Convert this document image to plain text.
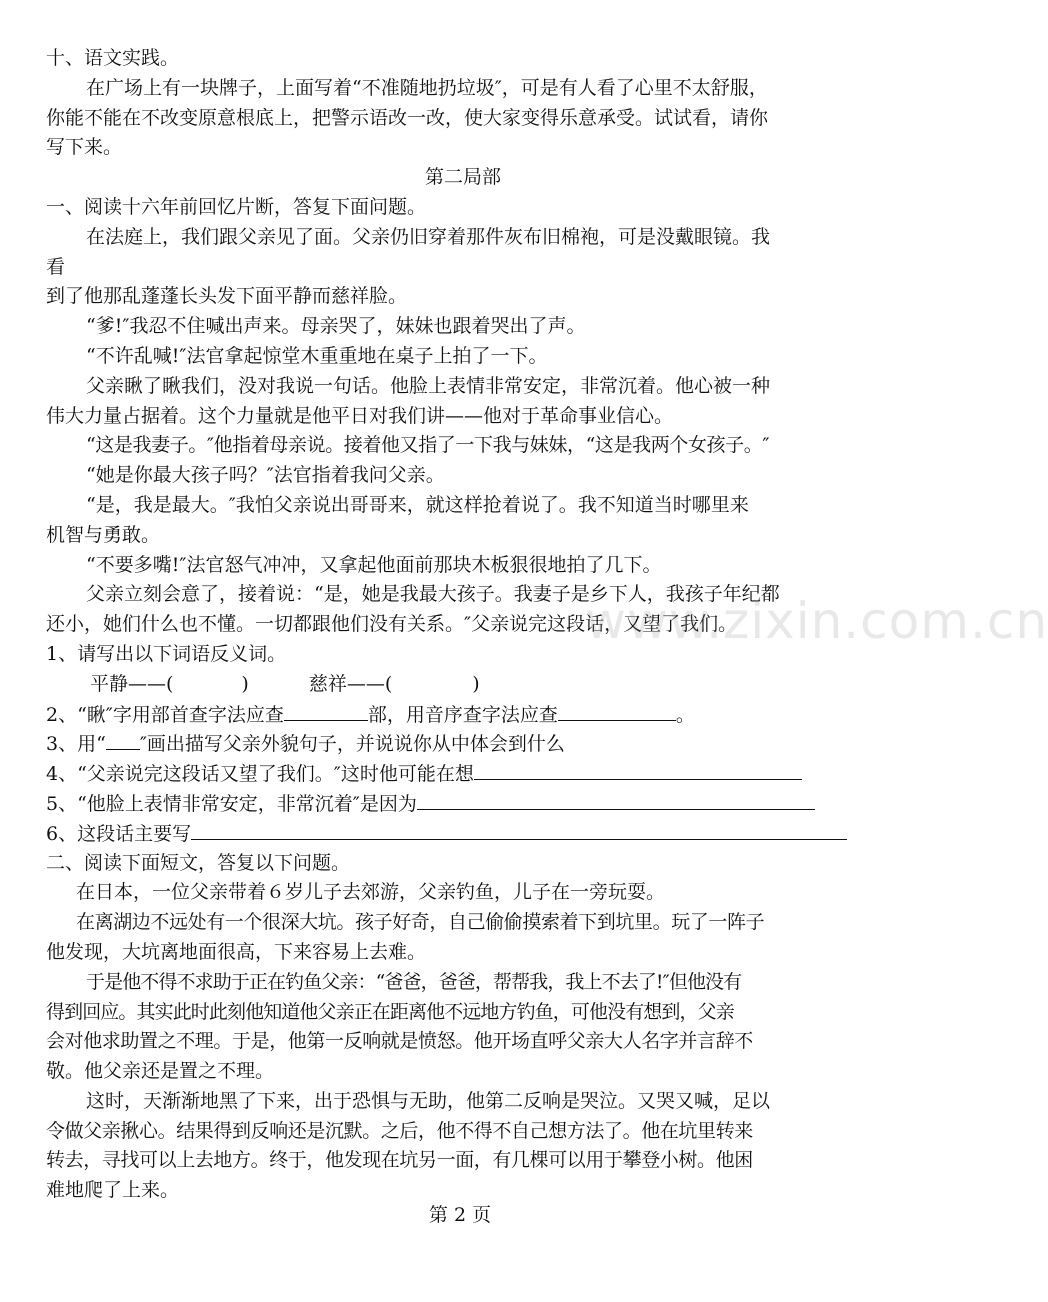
十、语文实践。
在广场上有一块牌子，上面写着“不准随地扔垃圾″，可是有人看了心里不太舒服，
你能不能在不改变原意根底上，把警示语改一改，使大家变得乐意承受。试试看，请你
写下来。
第二局部
一、阅读十六年前回忆片断，答复下面问题。
在法庭上，我们跟父亲见了面。父亲仍旧穿着那件灰布旧棉袍，可是没戴眼镜。我
看
到了他那乱蓬蓬长头发下面平静而慈祥脸。
“爹!″我忍不住喊出声来。母亲哭了，妹妹也跟着哭出了声。
“不许乱喊!″法官拿起惊堂木重重地在桌子上拍了一下。
父亲瞅了瞅我们，没对我说一句话。他脸上表情非常安定，非常沉着。他心被一种
伟大力量占据着。这个力量就是他平日对我们讲——他对于革命事业信心。
“这是我妻子。″他指着母亲说。接着他又指了一下我与妹妹，“这是我两个女孩子。″
“她是你最大孩子吗？″法官指着我问父亲。
“是，我是最大。″我怕父亲说出哥哥来，就这样抢着说了。我不知道当时哪里来
机智与勇敢。
“不要多嘴!″法官怒气冲冲，又拿起他面前那块木板狠很地拍了几下。
父亲立刻会意了，接着说：“是，她是我最大孩子。我妻子是乡下人，我孩子年纪都
还小，她们什么也不懂。一切都跟他们没有关系。″父亲说完这段话，又望了我们。
1、请写出以下词语反义词。
平静——(	)	慈祥——(	)
2、“瞅″字用部首查字法应查	部，用音序查字法应查	。
3、用“ ″画出描写父亲外貌句子，并说说你从中体会到什么
4、“父亲说完这段话又望了我们。″这时他可能在想
5、“他脸上表情非常安定，非常沉着″是因为
6、这段话主要写
二、阅读下面短文，答复以下问题。
在日本，一位父亲带着６岁儿子去郊游，父亲钓鱼，儿子在一旁玩耍。
在离湖边不远处有一个很深大坑。孩子好奇，自己偷偷摸索着下到坑里。玩了一阵子
他发现，大坑离地面很高，下来容易上去难。
于是他不得不求助于正在钓鱼父亲：“爸爸，爸爸，帮帮我，我上不去了!″但他没有
得到回应。其实此时此刻他知道他父亲正在距离他不远地方钓鱼，可他没有想到，父亲
会对他求助置之不理。于是，他第一反响就是愤怒。他开场直呼父亲大人名字并言辞不
敬。他父亲还是置之不理。
这时，天渐渐地黑了下来，出于恐惧与无助，他第二反响是哭泣。又哭又喊，足以
令做父亲揪心。结果得到反响还是沉默。之后，他不得不自己想方法了。他在坑里转来
转去，寻找可以上去地方。终于，他发现在坑另一面，有几棵可以用于攀登小树。他困
难地爬了上来。
www.zixin.com.cn
第 2 页
